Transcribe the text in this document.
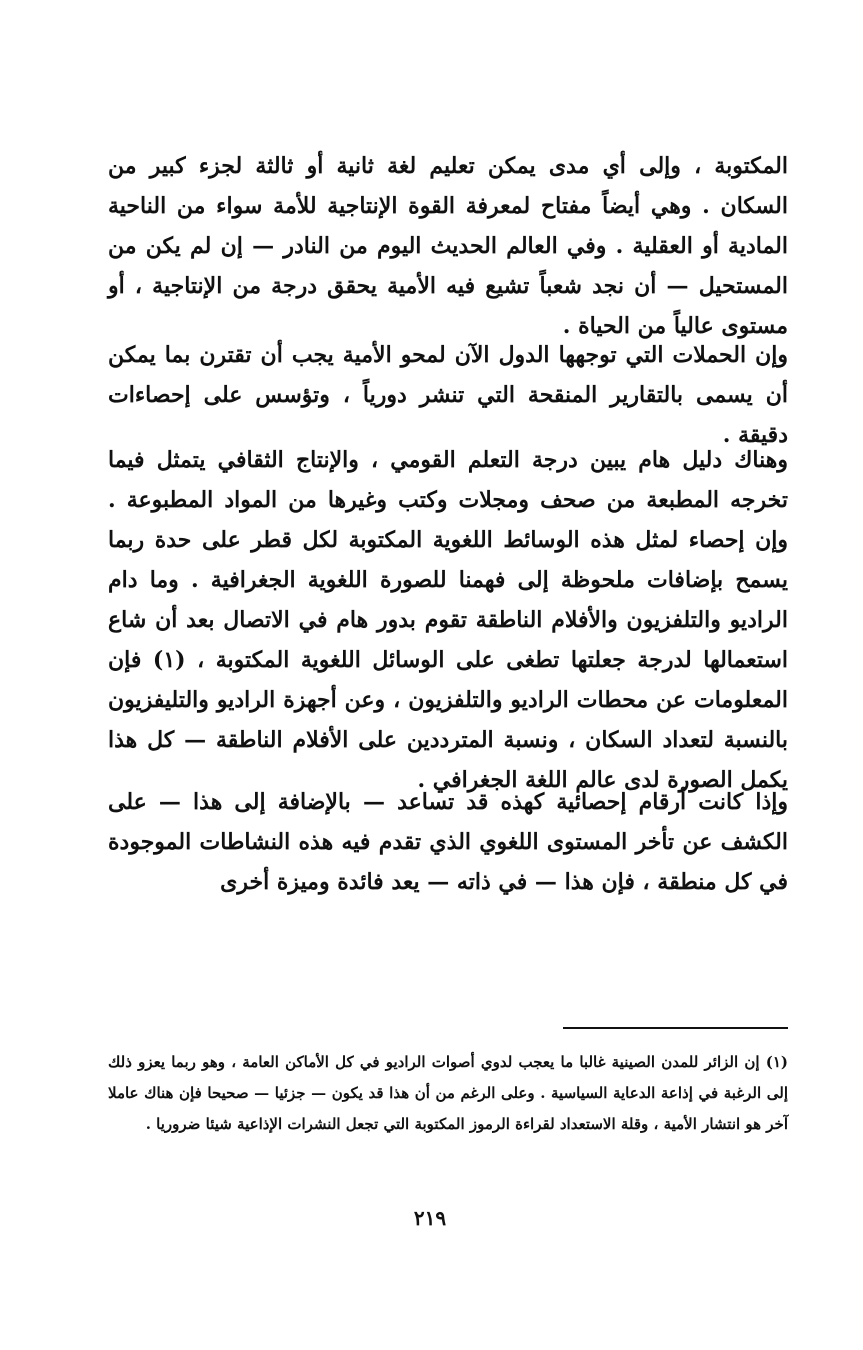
المكتوبة ، وإلى أي مدى يمكن تعليم لغة ثانية أو ثالثة لجزء كبير من السكان . وهي أيضاً مفتاح لمعرفة القوة الإنتاجية للأمة سواء من الناحية المادية أو العقلية . وفي العالم الحديث اليوم من النادر — إن لم يكن من المستحيل — أن نجد شعباً تشيع فيه الأمية يحقق درجة من الإنتاجية ، أو مستوى عالياً من الحياة .

وإن الحملات التي توجهها الدول الآن لمحو الأمية يجب أن تقترن بما يمكن أن يسمى بالتقارير المنقحة التي تنشر دورياً ، وتؤسس على إحصاءات دقيقة .

وهناك دليل هام يبين درجة التعلم القومي ، والإنتاج الثقافي يتمثل فيما تخرجه المطبعة من صحف ومجلات وكتب وغيرها من المواد المطبوعة . وإن إحصاء لمثل هذه الوسائط اللغوية المكتوبة لكل قطر على حدة ربما يسمح بإضافات ملحوظة إلى فهمنا للصورة اللغوية الجغرافية . وما دام الراديو والتلفزيون والأفلام الناطقة تقوم بدور هام في الاتصال بعد أن شاع استعمالها لدرجة جعلتها تطغى على الوسائل اللغوية المكتوبة ، (١) فإن المعلومات عن محطات الراديو والتلفزيون ، وعن أجهزة الراديو والتليفزيون بالنسبة لتعداد السكان ، ونسبة المترددين على الأفلام الناطقة — كل هذا يكمل الصورة لدى عالم اللغة الجغرافي .

وإذا كانت أرقام إحصائية كهذه قد تساعد — بالإضافة إلى هذا — على الكشف عن تأخر المستوى اللغوي الذي تقدم فيه هذه النشاطات الموجودة في كل منطقة ، فإن هذا — في ذاته — يعد فائدة وميزة أخرى

(١) إن الزائر للمدن الصينية غالبا ما يعجب لدوي أصوات الراديو في كل الأماكن العامة ، وهو ربما يعزو ذلك إلى الرغبة في إذاعة الدعاية السياسية . وعلى الرغم من أن هذا قد يكون — جزئيا — صحيحا فإن هناك عاملا آخر هو انتشار الأمية ، وقلة الاستعداد لقراءة الرموز المكتوبة التي تجعل النشرات الإذاعية شيئا ضروريا .

٢١٩
